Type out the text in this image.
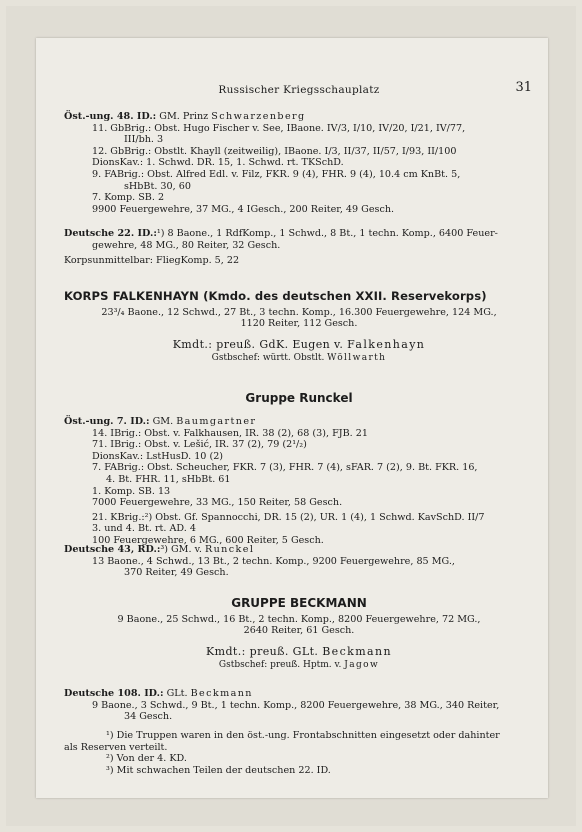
Russischer Kriegsschauplatz	31
Öst.-ung. 48. ID.: GM. Prinz Schwarzenberg
11. GbBrig.: Obst. Hugo Fischer v. See, IBaone. IV/3, I/10, IV/20, I/21, IV/77,
III/bh. 3
12. GbBrig.: Obstlt. Khayll (zeitweilig), IBaone. I/3, II/37, II/57, I/93, II/100
DionsKav.: 1. Schwd. DR. 15, 1. Schwd. rt. TKSchD.
9. FABrig.: Obst. Alfred Edl. v. Filz, FKR. 9 (4), FHR. 9 (4), 10.4 cm KnBt. 5,
sHbBt. 30, 60
7. Komp. SB. 2
9900 Feuergewehre, 37 MG., 4 IGesch., 200 Reiter, 49 Gesch.
Deutsche 22. ID.:¹) 8 Baone., 1 RdfKomp., 1 Schwd., 8 Bt., 1 techn. Komp., 6400 Feuer-
gewehre, 48 MG., 80 Reiter, 32 Gesch.
Korpsunmittelbar: FliegKomp. 5, 22
KORPS FALKENHAYN (Kmdo. des deutschen XXII. Reservekorps)
23³/₄ Baone., 12 Schwd., 27 Bt., 3 techn. Komp., 16.300 Feuergewehre, 124 MG.,
1120 Reiter, 112 Gesch.
Kmdt.: preuß. GdK. Eugen v. Falkenhayn
Gstbschef: württ. Obstlt. Wöllwarth
Gruppe Runckel
Öst.-ung. 7. ID.: GM. Baumgartner
14. IBrig.: Obst. v. Falkhausen, IR. 38 (2), 68 (3), FJB. 21
71. IBrig.: Obst. v. Lešić, IR. 37 (2), 79 (2¹/₂)
DionsKav.: LstHusD. 10 (2)
7. FABrig.: Obst. Scheucher, FKR. 7 (3), FHR. 7 (4), sFAR. 7 (2), 9. Bt. FKR. 16,
4. Bt. FHR. 11, sHbBt. 61
1. Komp. SB. 13
7000 Feuergewehre, 33 MG., 150 Reiter, 58 Gesch.
21. KBrig.:²) Obst. Gf. Spannocchi, DR. 15 (2), UR. 1 (4), 1 Schwd. KavSchD. II/7
3. und 4. Bt. rt. AD. 4
100 Feuergewehre, 6 MG., 600 Reiter, 5 Gesch.
Deutsche 43, RD.:³) GM. v. Runckel
13 Baone., 4 Schwd., 13 Bt., 2 techn. Komp., 9200 Feuergewehre, 85 MG.,
370 Reiter, 49 Gesch.
GRUPPE BECKMANN
9 Baone., 25 Schwd., 16 Bt., 2 techn. Komp., 8200 Feuergewehre, 72 MG.,
2640 Reiter, 61 Gesch.
Kmdt.: preuß. GLt. Beckmann
Gstbschef: preuß. Hptm. v. Jagow
Deutsche 108. ID.: GLt. Beckmann
9 Baone., 3 Schwd., 9 Bt., 1 techn. Komp., 8200 Feuergewehre, 38 MG., 340 Reiter,
34 Gesch.
¹) Die Truppen waren in den öst.-ung. Frontabschnitten eingesetzt oder dahinter
als Reserven verteilt.
²) Von der 4. KD.
³) Mit schwachen Teilen der deutschen 22. ID.
